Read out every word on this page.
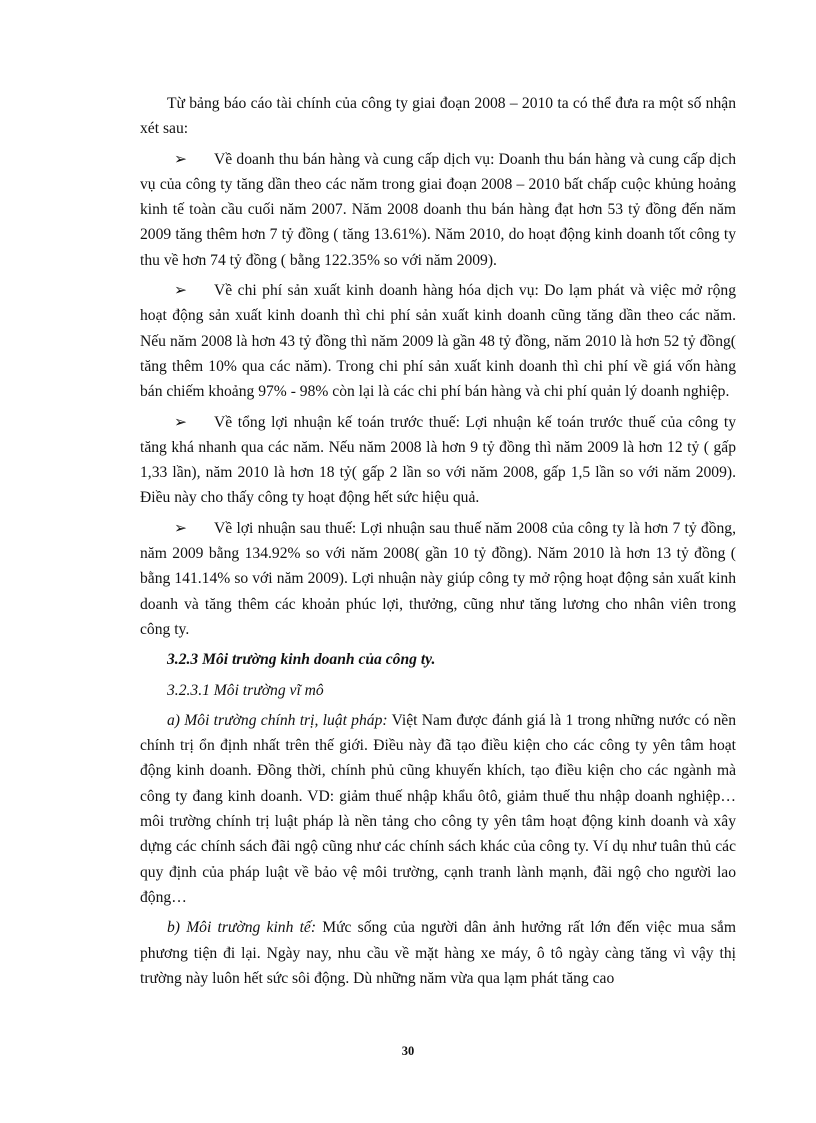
Từ bảng báo cáo tài chính của công ty giai đoạn 2008 – 2010 ta có thể đưa ra một số nhận xét sau:

➢ Về doanh thu bán hàng và cung cấp dịch vụ: Doanh thu bán hàng và cung cấp dịch vụ của công ty tăng dần theo các năm trong giai đoạn 2008 – 2010 bất chấp cuộc khủng hoảng kinh tế toàn cầu cuối năm 2007. Năm 2008 doanh thu bán hàng đạt hơn 53 tỷ đồng đến năm 2009 tăng thêm hơn 7 tỷ đồng ( tăng 13.61%). Năm 2010, do hoạt động kinh doanh tốt công ty thu về hơn 74 tỷ đồng ( bằng 122.35% so với năm 2009).

➢ Về chi phí sản xuất kinh doanh hàng hóa dịch vụ: Do lạm phát và việc mở rộng hoạt động sản xuất kinh doanh thì chi phí sản xuất kinh doanh cũng tăng dần theo các năm. Nếu năm 2008 là hơn 43 tỷ đồng thì năm 2009 là gần 48 tỷ đồng, năm 2010 là hơn 52 tỷ đồng( tăng thêm 10% qua các năm). Trong chi phí sản xuất kinh doanh thì chi phí về giá vốn hàng bán chiếm khoảng 97% - 98% còn lại là các chi phí bán hàng và chi phí quản lý doanh nghiệp.

➢ Về tổng lợi nhuận kế toán trước thuế: Lợi nhuận kế toán trước thuế của công ty tăng khá nhanh qua các năm. Nếu năm 2008 là hơn 9 tỷ đồng thì năm 2009 là hơn 12 tỷ ( gấp 1,33 lần), năm 2010 là hơn 18 tỷ( gấp 2 lần so với năm 2008, gấp 1,5 lần so với năm 2009). Điều này cho thấy công ty hoạt động hết sức hiệu quả.

➢ Về lợi nhuận sau thuế: Lợi nhuận sau thuế năm 2008 của công ty là hơn 7 tỷ đồng, năm 2009 bằng 134.92% so với năm 2008( gần 10 tỷ đồng). Năm 2010 là hơn 13 tỷ đồng ( bằng 141.14% so với năm 2009). Lợi nhuận này giúp công ty mở rộng hoạt động sản xuất kinh doanh và tăng thêm các khoản phúc lợi, thưởng, cũng như tăng lương cho nhân viên trong công ty.

3.2.3 Môi trường kinh doanh của công ty.

3.2.3.1 Môi trường vĩ mô

a) Môi trường chính trị, luật pháp: Việt Nam được đánh giá là 1 trong những nước có nền chính trị ổn định nhất trên thế giới. Điều này đã tạo điều kiện cho các công ty yên tâm hoạt động kinh doanh. Đồng thời, chính phủ cũng khuyến khích, tạo điều kiện cho các ngành mà công ty đang kinh doanh. VD: giảm thuế nhập khẩu ôtô, giảm thuế thu nhập doanh nghiệp… môi trường chính trị luật pháp là nền tảng cho công ty yên tâm hoạt động kinh doanh và xây dựng các chính sách đãi ngộ cũng như các chính sách khác của công ty. Ví dụ như tuân thủ các quy định của pháp luật về bảo vệ môi trường, cạnh tranh lành mạnh, đãi ngộ cho người lao động…

b) Môi trường kinh tế: Mức sống của người dân ảnh hưởng rất lớn đến việc mua sắm phương tiện đi lại. Ngày nay, nhu cầu về mặt hàng xe máy, ô tô ngày càng tăng vì vậy thị trường này luôn hết sức sôi động. Dù những năm vừa qua lạm phát tăng cao

30
